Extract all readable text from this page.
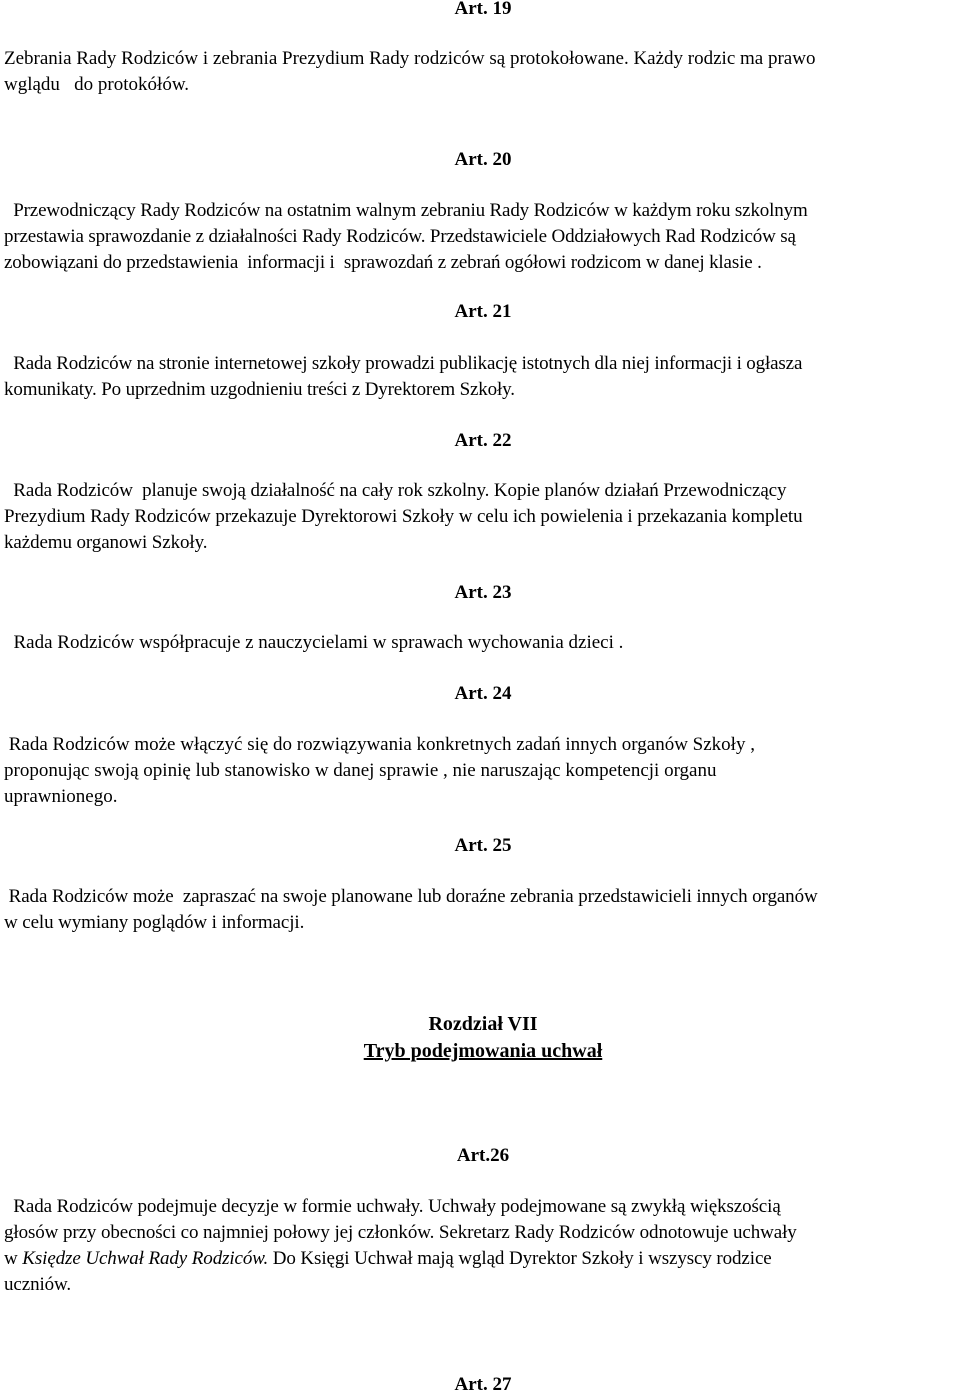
Art. 19
Zebrania Rady Rodziców i zebrania Prezydium Rady rodziców są protokołowane. Każdy rodzic ma prawo
wglądu   do protokółów.
Art. 20
Przewodniczący Rady Rodziców na ostatnim walnym zebraniu Rady Rodziców w każdym roku szkolnym
przestawia sprawozdanie z działalności Rady Rodziców. Przedstawiciele Oddziałowych Rad Rodziców są
zobowiązani do przedstawienia  informacji i  sprawozdań z zebrań ogółowi rodzicom w danej klasie .
Art. 21
Rada Rodziców na stronie internetowej szkoły prowadzi publikację istotnych dla niej informacji i ogłasza
komunikaty. Po uprzednim uzgodnieniu treści z Dyrektorem Szkoły.
Art. 22
Rada Rodziców  planuje swoją działalność na cały rok szkolny. Kopie planów działań Przewodniczący
Prezydium Rady Rodziców przekazuje Dyrektorowi Szkoły w celu ich powielenia i przekazania kompletu
każdemu organowi Szkoły.
Art. 23
Rada Rodziców współpracuje z nauczycielami w sprawach wychowania dzieci .
Art. 24
Rada Rodziców może włączyć się do rozwiązywania konkretnych zadań innych organów Szkoły ,
proponując swoją opinię lub stanowisko w danej sprawie , nie naruszając kompetencji organu
uprawnionego.
Art. 25
Rada Rodziców może  zapraszać na swoje planowane lub doraźne zebrania przedstawicieli innych organów
w celu wymiany poglądów i informacji.
Rozdział VII
Tryb podejmowania uchwał
Art.26
Rada Rodziców podejmuje decyzje w formie uchwały. Uchwały podejmowane są zwykłą większością
głosów przy obecności co najmniej połowy jej członków. Sekretarz Rady Rodziców odnotowuje uchwały
w Księdze Uchwał Rady Rodziców. Do Księgi Uchwał mają wgląd Dyrektor Szkoły i wszyscy rodzice
uczniów.
Art. 27
